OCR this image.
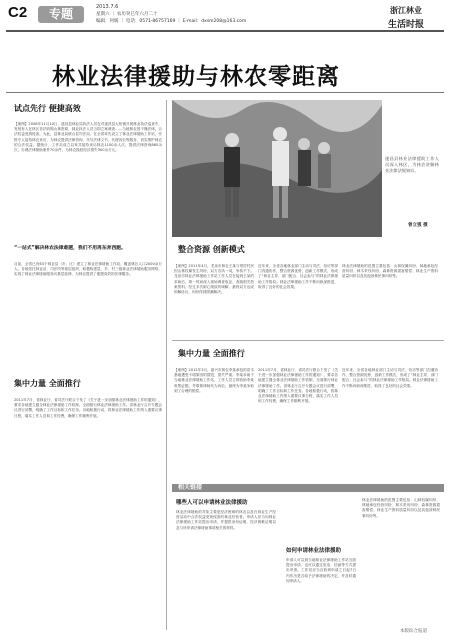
C2	专题	2013.7.6
星期六 ｜ 农历癸巳年六月二十
编辑：何嫣 ｜ 电话：0571-86757169 ｜ E-mail：dxsm208@163.com
浙江林业
生活时报
林业法律援助与林农零距离
试点先行 便捷高效
【案例】2008年11月10日，遂昌县林业局执法人员在对遂昌县大柘镇开展林业执法巡查中，发现有人在林区非法收购山林资源，林业执法人员当即立案调查……当地林农因不懂法律，合法权益受到侵害。为此，县林业局联合县司法局，在全省率先设立了林业法律援助工作站，安排专人接待林农来访，为林农提供法律咨询、代写法律文书、代理诉讼等服务，切实维护林农的合法权益。据统计，工作站成立以来共接待来访林农1100余人次，提供法律咨询860余次，办理法律援助案件70余件，为林农挽回经济损失300余万元。
“一站式”解决林农法律难题，我们不用再东奔西跑。
目前，全省已有63个林业县（市、区）建立了林业法律援助工作站，覆盖林区人口2000余万人。各地依托林业站、司法所等基层组织，积极构建县、乡、村三级林业法律援助服务网络，实现了林业法律援助服务向基层延伸，为林农提供了便捷高效的法律服务。
集中力量 全面推行
2011年7月，省林业厅、省司法厅联合下发了《关于进一步加强林业法律援助工作的通知》，要求各地建立健全林业法律援助工作机制，全面推行林业法律援助工作。省林业厅召开专题会议进行部署，明确了工作目标和工作任务。各地积极行动，将林业法律援助工作纳入重要议事日程，落实工作人员和工作经费，确保工作顺利开展。
遂昌县林业法律援助工作人员深入林区，为林农讲解林业法律法规知识。
曾立强 摄
整合资源 创新模式
【案例】2011年4月，龙泉市林农王某与邻村村民因山林权属发生纠纷，双方各执一词，争执不下。龙泉市林业法律援助工作站工作人员在接到王某的求助后，第一时间深入现场调查取证，查阅相关档案资料，经过多次耐心细致的调解，最终双方达成和解协议，纠纷得到圆满解决。
近年来，全省各地林业部门主动与司法、信访等部门沟通协作，整合资源优势，创新工作模式，形成了“林业主导、部门配合、社会参与”的林业法律援助工作格局。林业法律援助工作不断向纵深推进，取得了良好的社会效果。
林业法律援助的范围主要包括：山林权属纠纷、林地承包经营纠纷、林木采伐纠纷、森林资源损害赔偿、林业生产资料质量纠纷以及其他涉林民事纠纷等。
集中力量 全面推行
【案例】2012年3月，嘉兴市林农李某承包的苗木基地遭受不明原因的损毁，损失严重。李某求助于当地林业法律援助工作站，工作人员立即协助李某收集证据，并联系律师代为诉讼，最终为李某争取到了合理的赔偿。
2011年7月，省林业厅、省司法厅联合下发了《关于进一步加强林业法律援助工作的通知》，要求各地建立健全林业法律援助工作机制，全面推行林业法律援助工作。省林业厅召开专题会议进行部署，明确了工作目标和工作任务。各地积极行动，将林业法律援助工作纳入重要议事日程，落实工作人员和工作经费，确保工作顺利开展。
近年来，全省各地林业部门主动与司法、信访等部门沟通协作，整合资源优势，创新工作模式，形成了“林业主导、部门配合、社会参与”的林业法律援助工作格局。林业法律援助工作不断向纵深推进，取得了良好的社会效果。
相关链接
哪些人可以申请林业法律援助
林业法律援助的对象主要是经济困难的林农以及在林业生产经营活动中合法权益受到侵害的林业经营者。申请人应当向林业法律援助工作站提出申请，并提供身份证明、经济困难证明以及与所申请法律援助事项相关的材料。
如何申请林业法律援助
申请人可以到当地林业法律援助工作站当面提出申请，也可以通过电话、信函等方式提出申请。工作站应当自收到申请之日起7日内作出是否给予法律援助的决定，并及时通知申请人。
林业法律援助的范围主要包括：山林权属纠纷、林地承包经营纠纷、林木采伐纠纷、森林资源损害赔偿、林业生产资料质量纠纷以及其他涉林民事纠纷等。
本版综合报道
